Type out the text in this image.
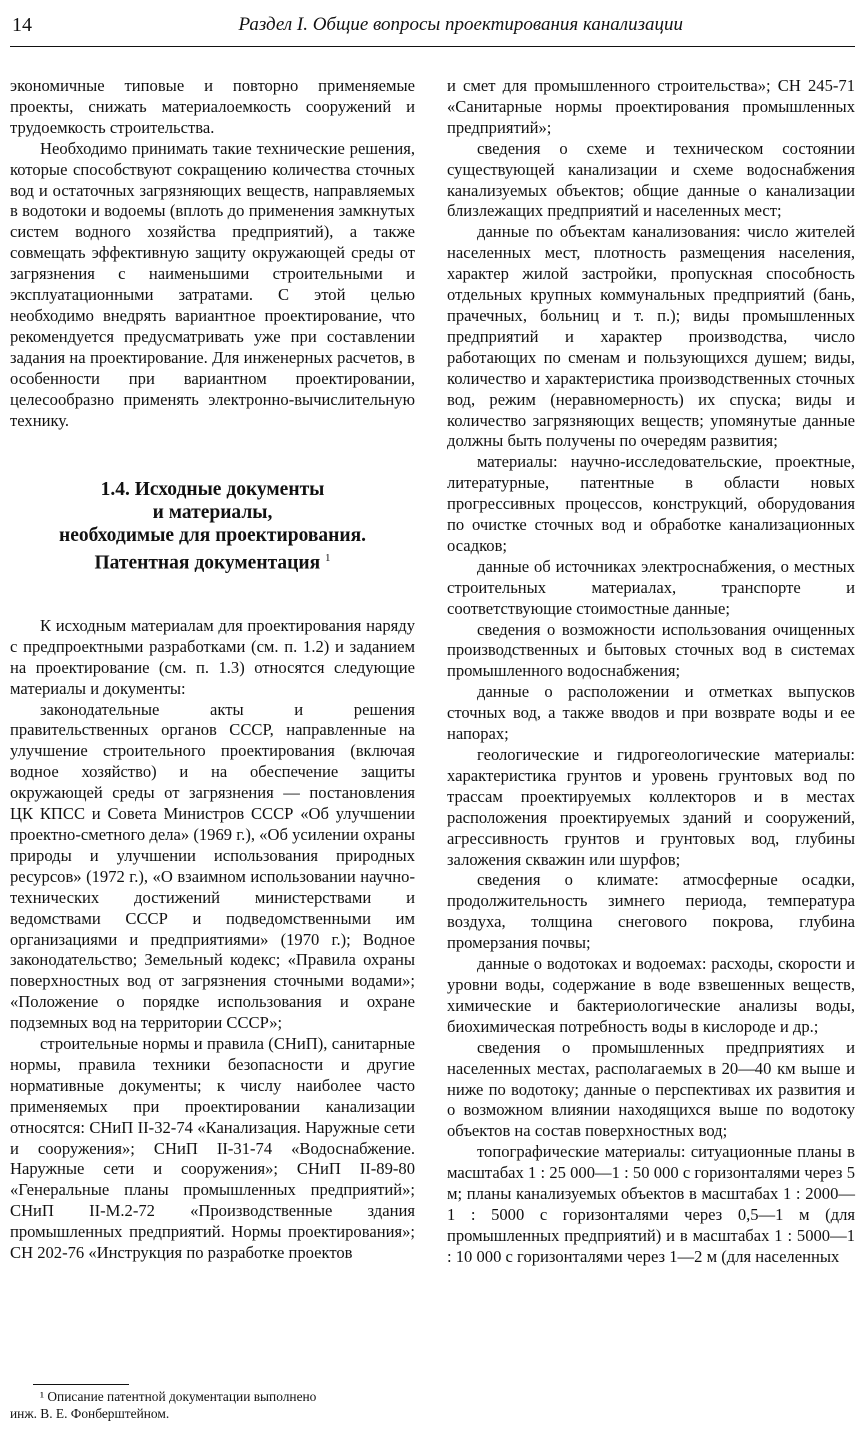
14	Раздел I. Общие вопросы проектирования канализации

экономичные типовые и повторно применяемые проекты, снижать материалоемкость сооружений и трудоемкость строительства.

Необходимо принимать такие технические решения, которые способствуют сокращению количества сточных вод и остаточных загрязняющих веществ, направляемых в водотоки и водоемы (вплоть до применения замкнутых систем водного хозяйства предприятий), а также совмещать эффективную защиту окружающей среды от загрязнения с наименьшими строительными и эксплуатационными затратами. С этой целью необходимо внедрять вариантное проектирование, что рекомендуется предусматривать уже при составлении задания на проектирование. Для инженерных расчетов, в особенности при вариантном проектировании, целесообразно применять электронно-вычислительную технику.

1.4. Исходные документы
и материалы,
необходимые для проектирования.
Патентная документация $^1$

К исходным материалам для проектирования наряду с предпроектными разработками (см. п. 1.2) и заданием на проектирование (см. п. 1.3) относятся следующие материалы и документы:

законодательные акты и решения правительственных органов СССР, направленные на улучшение строительного проектирования (включая водное хозяйство) и на обеспечение защиты окружающей среды от загрязнения — постановления ЦК КПСС и Совета Министров СССР «Об улучшении проектно-сметного дела» (1969 г.), «Об усилении охраны природы и улучшении использования природных ресурсов» (1972 г.), «О взаимном использовании научно-технических достижений министерствами и ведомствами СССР и подведомственными им организациями и предприятиями» (1970 г.); Водное законодательство; Земельный кодекс; «Правила охраны поверхностных вод от загрязнения сточными водами»; «Положение о порядке использования и охране подземных вод на территории СССР»;

строительные нормы и правила (СНиП), санитарные нормы, правила техники безопасности и другие нормативные документы; к числу наиболее часто применяемых при проектировании канализации относятся: СНиП II-32-74 «Канализация. Наружные сети и сооружения»; СНиП II-31-74 «Водоснабжение. Наружные сети и сооружения»; СНиП II-89-80 «Генеральные планы промышленных предприятий»; СНиП II-М.2-72 «Производственные здания промышленных предприятий. Нормы проектирования»; СН 202-76 «Инструкция по разработке проектов

и смет для промышленного строительства»; СН 245-71 «Санитарные нормы проектирования промышленных предприятий»;

сведения о схеме и техническом состоянии существующей канализации и схеме водоснабжения канализуемых объектов; общие данные о канализации близлежащих предприятий и населенных мест;

данные по объектам канализования: число жителей населенных мест, плотность размещения населения, характер жилой застройки, пропускная способность отдельных крупных коммунальных предприятий (бань, прачечных, больниц и т. п.); виды промышленных предприятий и характер производства, число работающих по сменам и пользующихся душем; виды, количество и характеристика производственных сточных вод, режим (неравномерность) их спуска; виды и количество загрязняющих веществ; упомянутые данные должны быть получены по очередям развития;

материалы: научно-исследовательские, проектные, литературные, патентные в области новых прогрессивных процессов, конструкций, оборудования по очистке сточных вод и обработке канализационных осадков;

данные об источниках электроснабжения, о местных строительных материалах, транспорте и соответствующие стоимостные данные;

сведения о возможности использования очищенных производственных и бытовых сточных вод в системах промышленного водоснабжения;

данные о расположении и отметках выпусков сточных вод, а также вводов и при возврате воды и ее напорах;

геологические и гидрогеологические материалы: характеристика грунтов и уровень грунтовых вод по трассам проектируемых коллекторов и в местах расположения проектируемых зданий и сооружений, агрессивность грунтов и грунтовых вод, глубины заложения скважин или шурфов;

сведения о климате: атмосферные осадки, продолжительность зимнего периода, температура воздуха, толщина снегового покрова, глубина промерзания почвы;

данные о водотоках и водоемах: расходы, скорости и уровни воды, содержание в воде взвешенных веществ, химические и бактериологические анализы воды, биохимическая потребность воды в кислороде и др.;

сведения о промышленных предприятиях и населенных местах, располагаемых в 20—40 км выше и ниже по водотоку; данные о перспективах их развития и о возможном влиянии находящихся выше по водотоку объектов на состав поверхностных вод;

топографические материалы: ситуационные планы в масштабах 1 : 25 000—1 : 50 000 с горизонталями через 5 м; планы канализуемых объектов в масштабах 1 : 2000—1 : 5000 с горизонталями через 0,5—1 м (для промышленных предприятий) и в масштабах 1 : 5000—1 : 10 000 с горизонталями через 1—2 м (для населенных

¹ Описание патентной документации выполнено
инж. В. Е. Фонберштейном.
